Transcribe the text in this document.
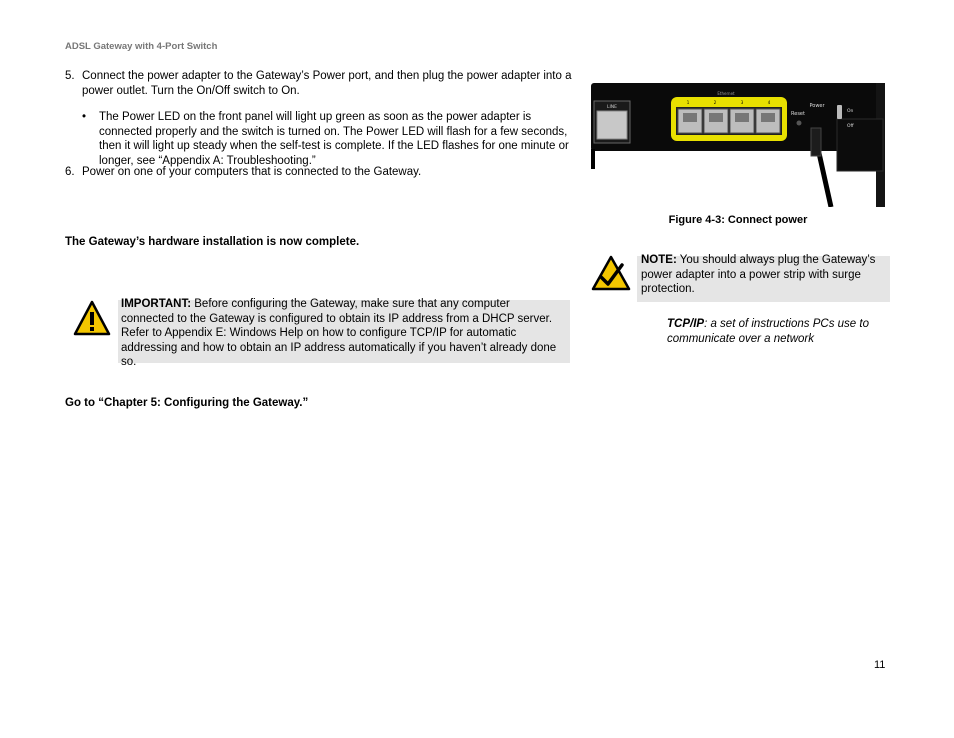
ADSL Gateway with 4-Port Switch
5. Connect the power adapter to the Gateway’s Power port, and then plug the power adapter into a power outlet. Turn the On/Off switch to On.
• The Power LED on the front panel will light up green as soon as the power adapter is connected properly and the switch is turned on. The Power LED will flash for a few seconds, then it will light up steady when the self-test is complete. If the LED flashes for one minute or longer, see “Appendix A: Troubleshooting.”
6. Power on one of your computers that is connected to the Gateway.
The Gateway’s hardware installation is now complete.
IMPORTANT: Before configuring the Gateway, make sure that any computer connected to the Gateway is configured to obtain its IP address from a DHCP server. Refer to Appendix E: Windows Help on how to configure TCP/IP for automatic addressing and how to obtain an IP address automatically if you haven’t already done so.
Go to “Chapter 5: Configuring the Gateway.”
LINE
Ethernet
1	2	3	4
Power
Reset	On
Off
Figure 4-3: Connect power
NOTE: You should always plug the Gateway’s power adapter into a power strip with surge protection.
TCP/IP: a set of instructions PCs use to communicate over a network
11
